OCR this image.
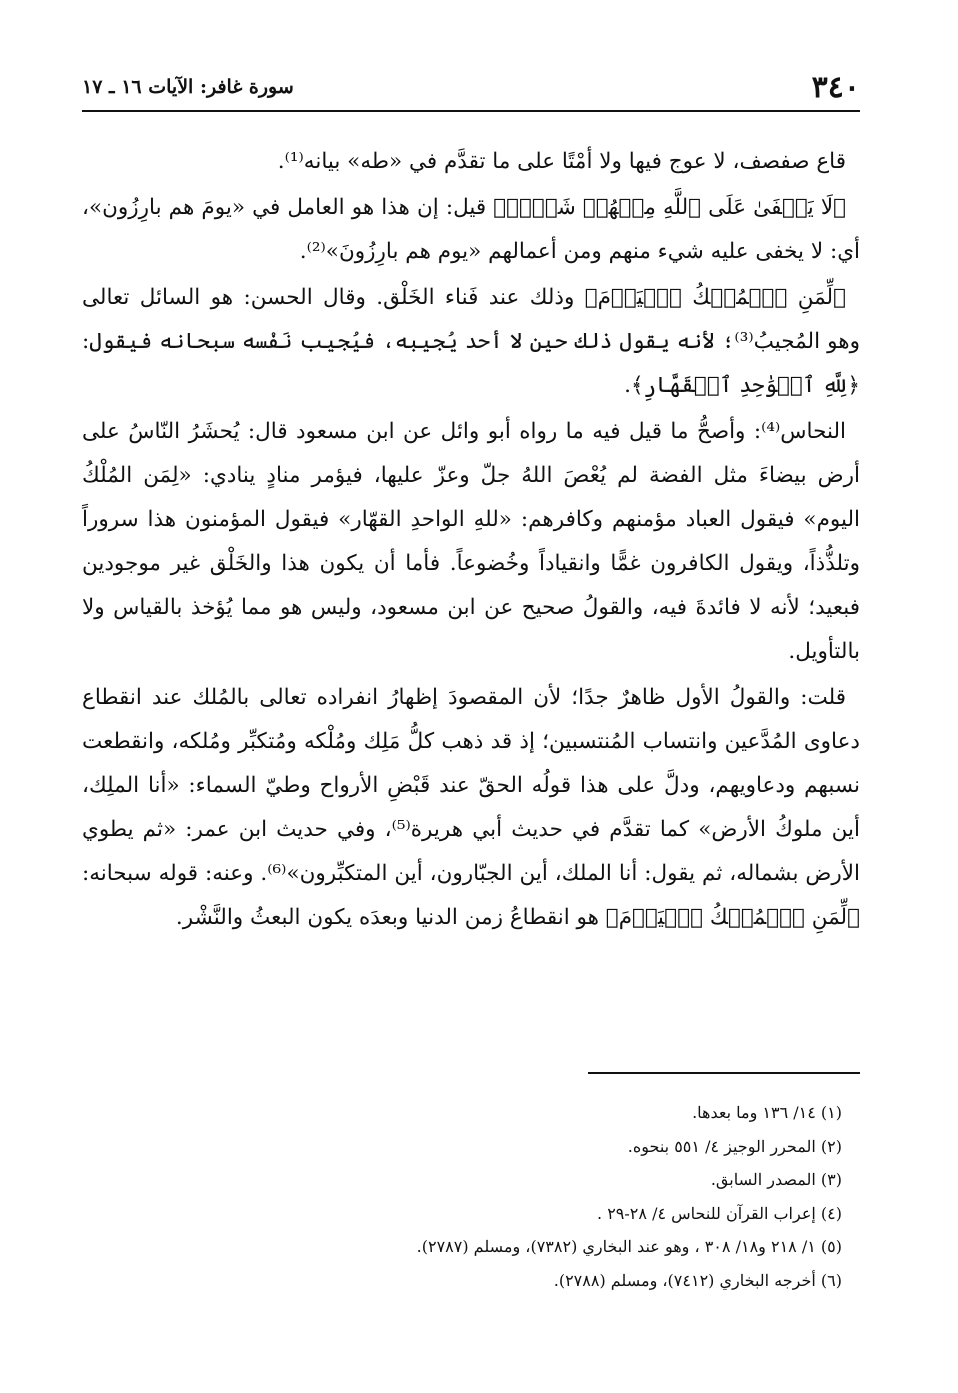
٣٤٠
سورة غافر: الآيات ١٦ ـ ١٧

قاع صفصف، لا عوج فيها ولا أمْتًا على ما تقدَّم في «طه» بيانه⁽¹⁾.

﴿لَا يَخۡفَىٰ عَلَى ٱللَّهِ مِنۡهُمۡ شَيۡءٞ﴾ قيل: إن هذا هو العامل في «يومَ هم بارِزُون»، أي: لا يخفى عليه شيء منهم ومن أعمالهم «يوم هم بارِزُونَ»⁽²⁾.

﴿لِّمَنِ ٱلۡمُلۡكُ ٱلۡيَوۡمَ﴾ وذلك عند فَناء الخَلْق. وقال الحسن: هو السائل تعالى وهو المُجيبُ⁽³⁾؛ لأنه يقول ذلك حين لا أحد يُجيبه، فيُجيب نَفْسه سبحانه فيقول: ﴿لِلَّهِ ٱلۡوَٰحِدِ ٱلۡقَهَّارِ﴾.

النحاس⁽⁴⁾: وأصحُّ ما قيل فيه ما رواه أبو وائل عن ابن مسعود قال: يُحشَرُ النّاسُ على أرض بيضاءَ مثل الفضة لم يُعْصَ اللهُ جلّ وعزّ عليها، فيؤمر منادٍ ينادي: «لِمَن المُلْكُ اليوم» فيقول العباد مؤمنهم وكافرهم: «للهِ الواحدِ القهّار» فيقول المؤمنون هذا سروراً وتلذُّذاً، ويقول الكافرون غمًّا وانقياداً وخُضوعاً. فأما أن يكون هذا والخَلْق غير موجودين فبعيد؛ لأنه لا فائدةَ فيه، والقولُ صحيح عن ابن مسعود، وليس هو مما يُؤخذ بالقياس ولا بالتأويل.

قلت: والقولُ الأول ظاهرٌ جدًا؛ لأن المقصودَ إظهارُ انفراده تعالى بالمُلك عند انقطاع دعاوى المُدَّعين وانتساب المُنتسبين؛ إذ قد ذهب كلُّ مَلِك ومُلْكه ومُتكبِّر ومُلكه، وانقطعت نسبهم ودعاويهم، ودلَّ على هذا قولُه الحقّ عند قَبْضِ الأرواح وطيّ السماء: «أنا الملِك، أين ملوكُ الأرض» كما تقدَّم في حديث أبي هريرة⁽⁵⁾، وفي حديث ابن عمر: «ثم يطوي الأرض بشماله، ثم يقول: أنا الملك، أين الجبّارون، أين المتكبِّرون»⁽⁶⁾. وعنه: قوله سبحانه: ﴿لِّمَنِ ٱلۡمُلۡكُ ٱلۡيَوۡمَ﴾ هو انقطاعُ زمن الدنيا وبعدَه يكون البعثُ والنَّشْر.

(١) ١٤/ ١٣٦ وما بعدها.

(٢) المحرر الوجيز ٤/ ٥٥١ بنحوه.

(٣) المصدر السابق.

(٤) إعراب القرآن للنحاس ٤/ ٢٨-٢٩ .

(٥) ١/ ٢١٨ و١٨/ ٣٠٨ ، وهو عند البخاري (٧٣٨٢)، ومسلم (٢٧٨٧).

(٦) أخرجه البخاري (٧٤١٢)، ومسلم (٢٧٨٨).
